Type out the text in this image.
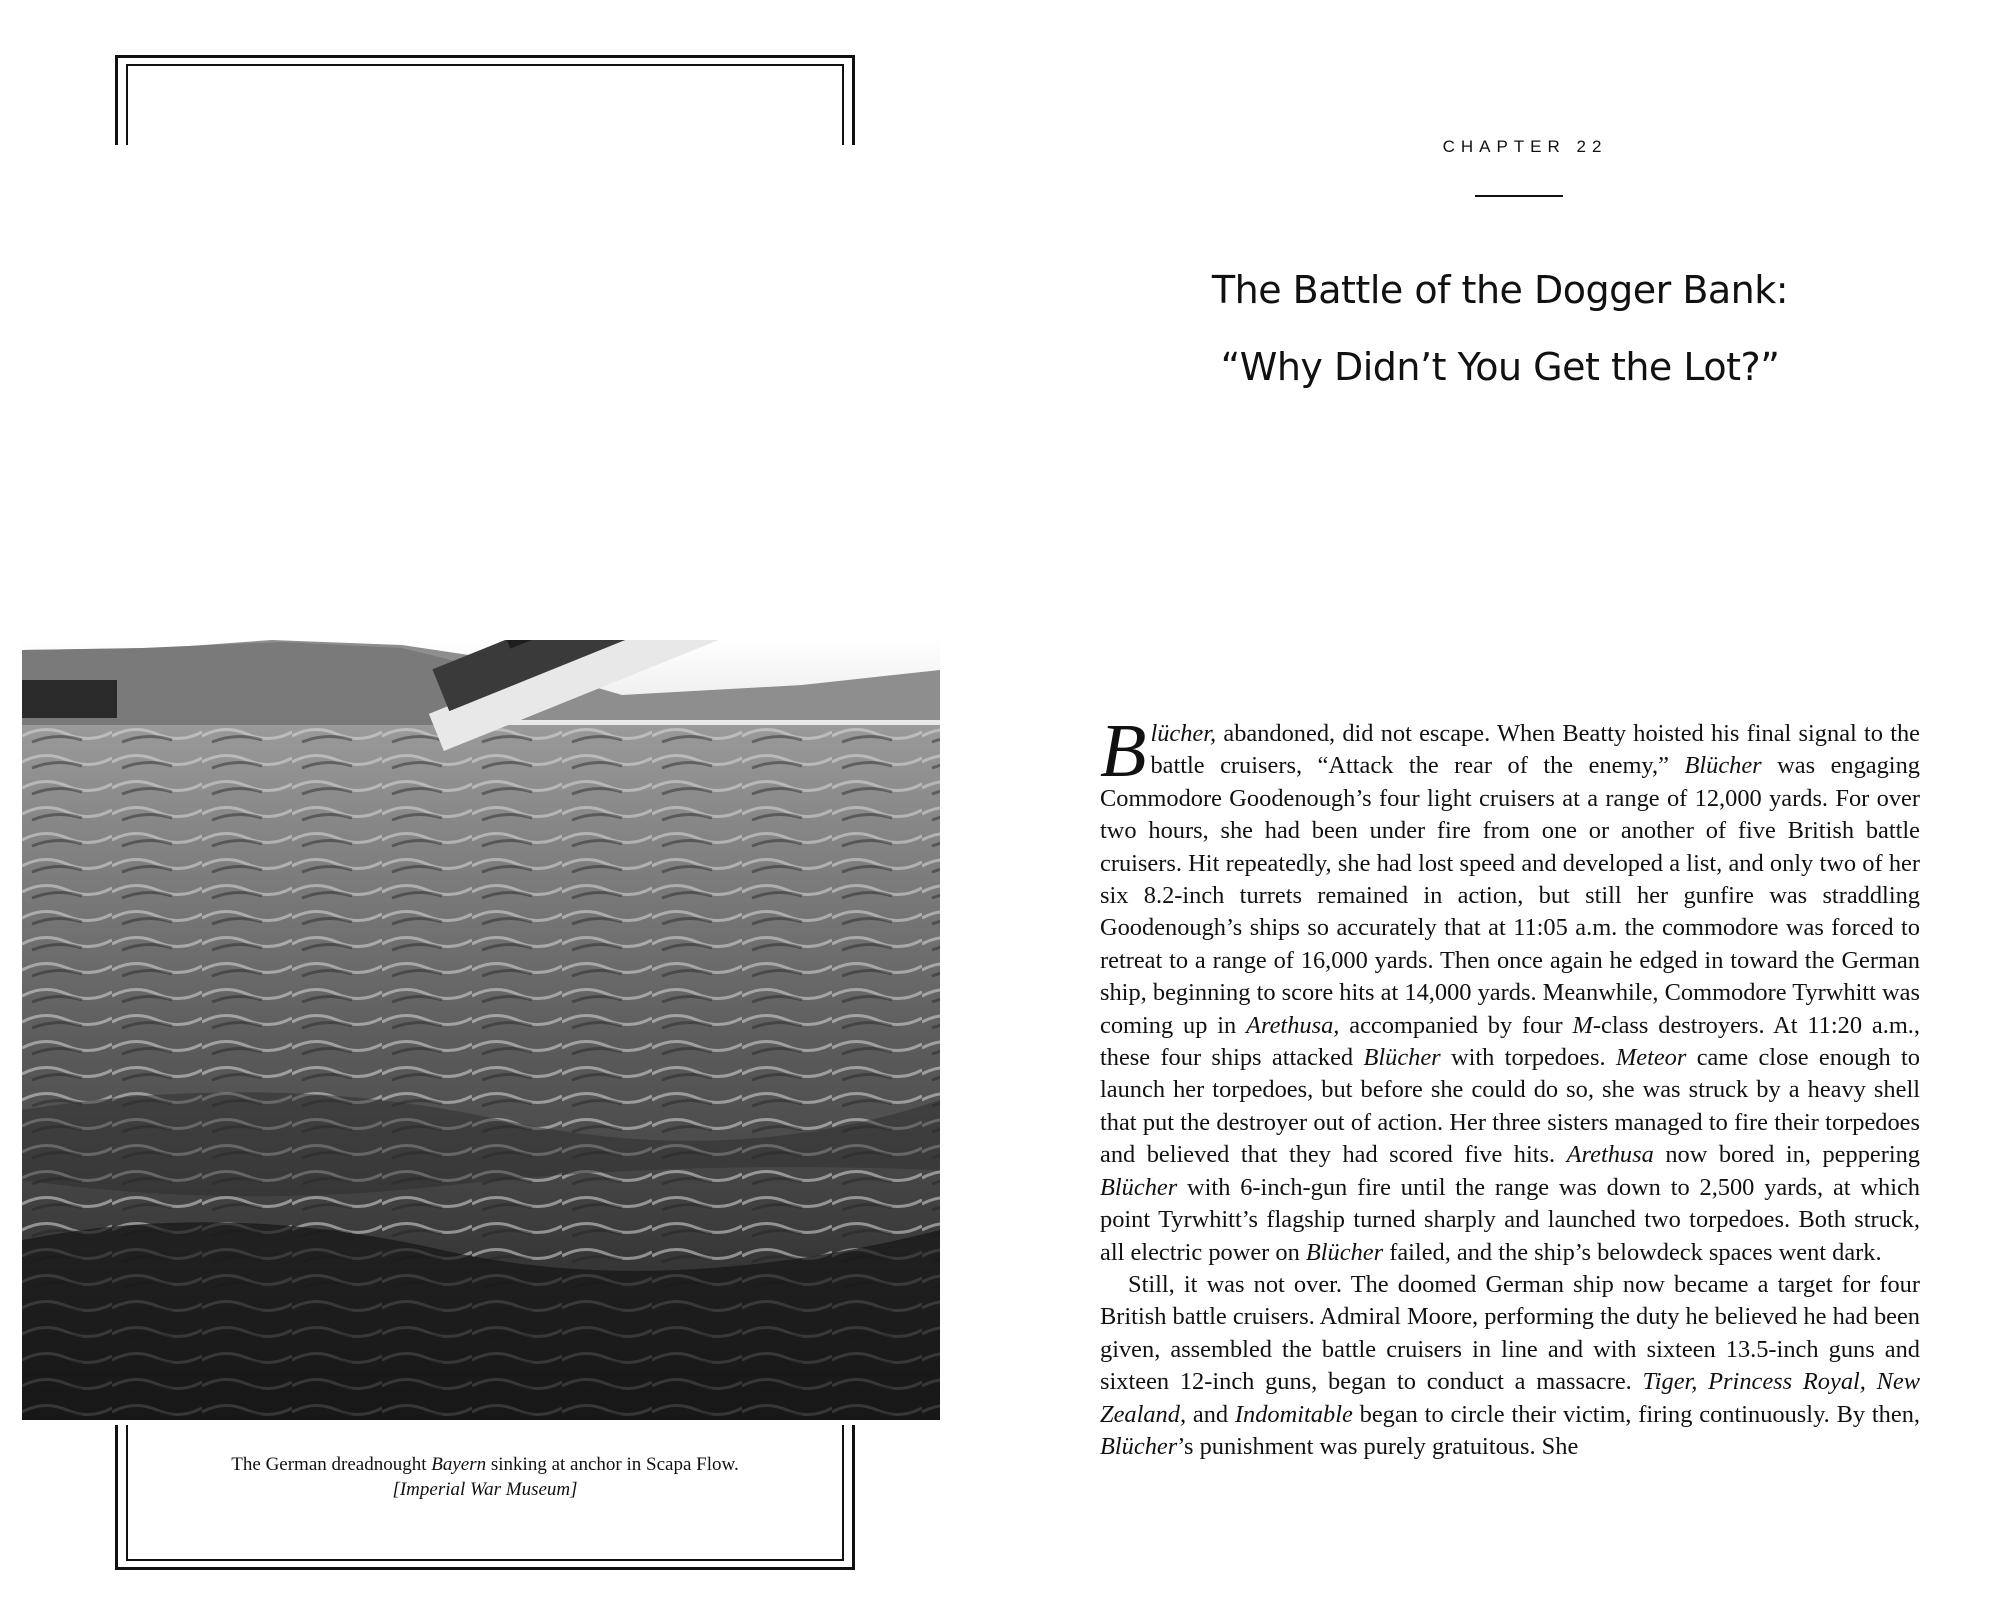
The German dreadnought Bayern sinking at anchor in Scapa Flow.
[Imperial War Museum]
CHAPTER 22
The Battle of the Dogger Bank:
“Why Didn’t You Get the Lot?”

Blücher, abandoned, did not escape. When Beatty hoisted his final signal to the battle cruisers, “Attack the rear of the enemy,” Blücher was engaging Commodore Goodenough’s four light cruisers at a range of 12,000 yards. For over two hours, she had been under fire from one or another of five British battle cruisers. Hit repeatedly, she had lost speed and developed a list, and only two of her six 8.2-inch turrets remained in action, but still her gunfire was straddling Goodenough’s ships so accurately that at 11:05 a.m. the commodore was forced to retreat to a range of 16,000 yards. Then once again he edged in toward the German ship, beginning to score hits at 14,000 yards. Meanwhile, Commodore Tyrwhitt was coming up in Arethusa, accompanied by four M-class destroyers. At 11:20 a.m., these four ships attacked Blücher with torpedoes. Meteor came close enough to launch her torpedoes, but before she could do so, she was struck by a heavy shell that put the destroyer out of action. Her three sisters managed to fire their torpedoes and believed that they had scored five hits. Arethusa now bored in, peppering Blücher with 6-inch-gun fire until the range was down to 2,500 yards, at which point Tyrwhitt’s flagship turned sharply and launched two torpedoes. Both struck, all electric power on Blücher failed, and the ship’s belowdeck spaces went dark.

Still, it was not over. The doomed German ship now became a target for four British battle cruisers. Admiral Moore, performing the duty he believed he had been given, assembled the battle cruisers in line and with sixteen 13.5-inch guns and sixteen 12-inch guns, began to conduct a massacre. Tiger, Princess Royal, New Zealand, and Indomitable began to circle their victim, firing continuously. By then, Blücher’s punishment was purely gratuitous. She
